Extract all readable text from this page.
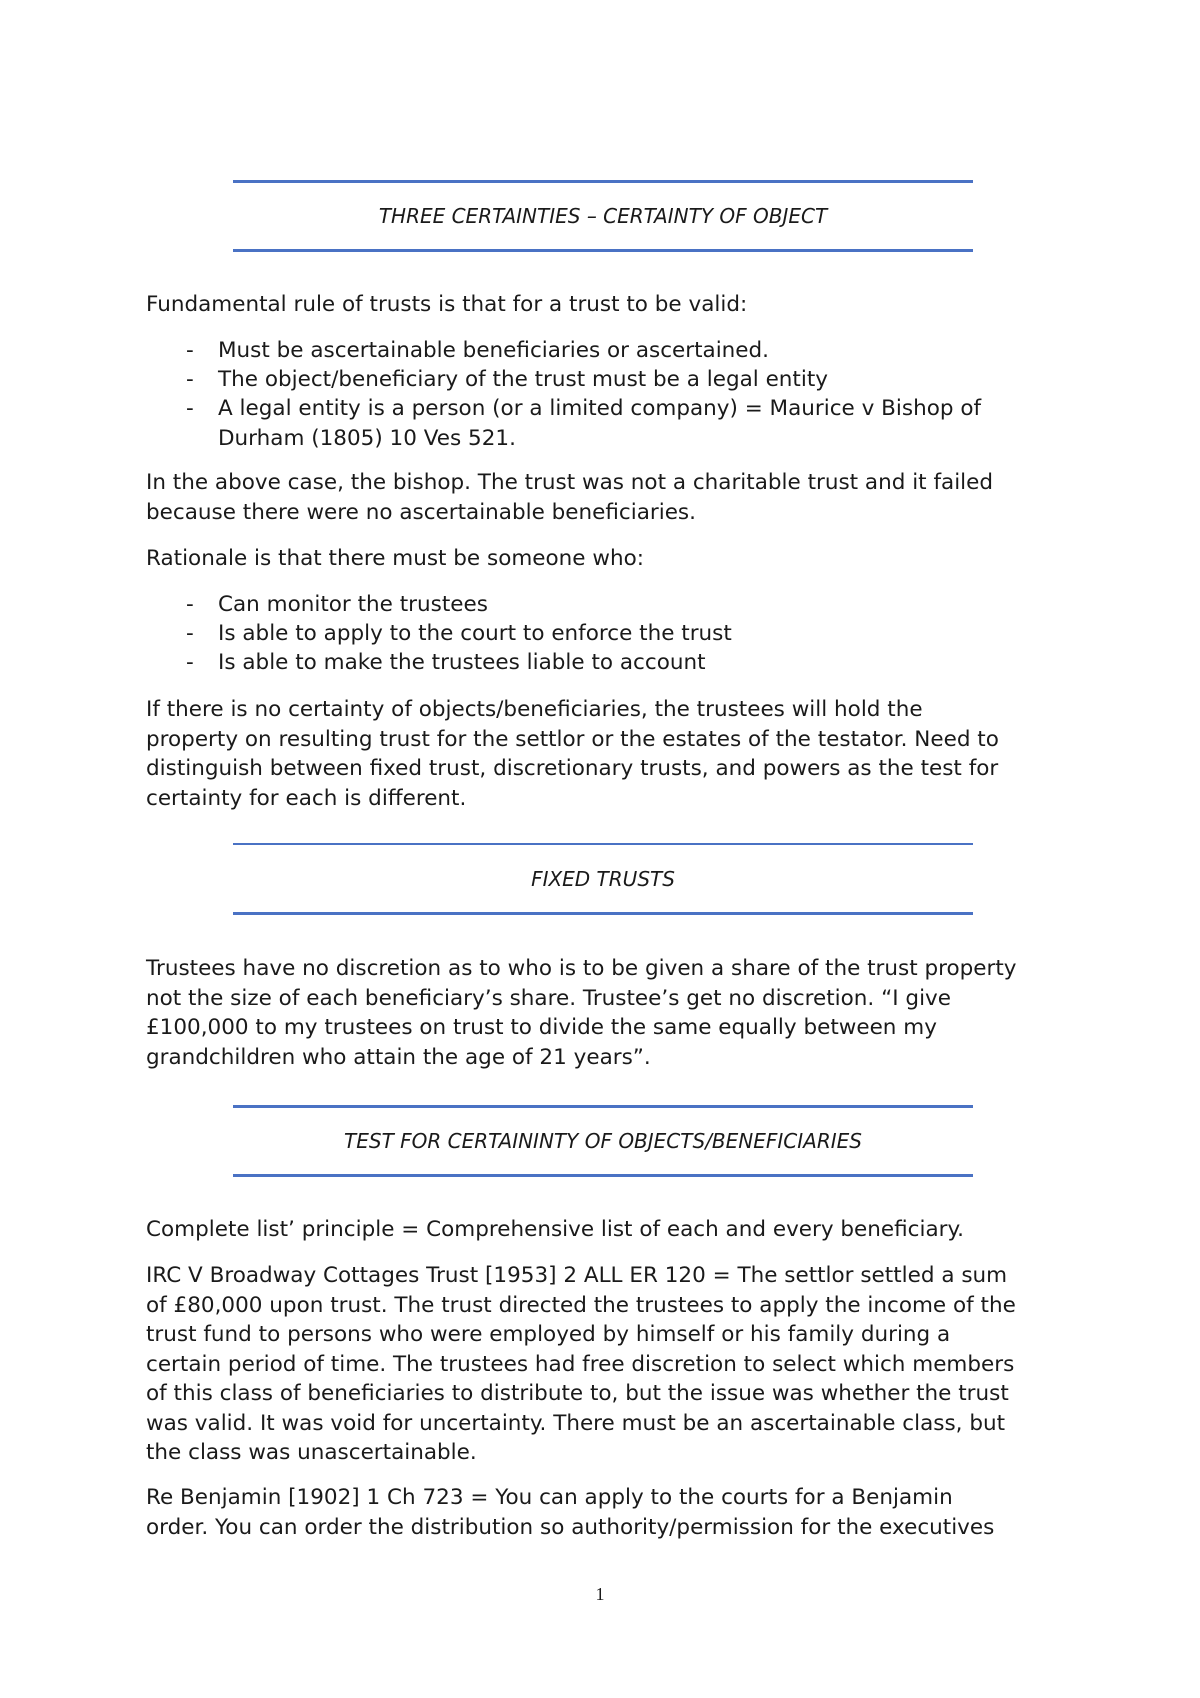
THREE CERTAINTIES – CERTAINTY OF OBJECT

Fundamental rule of trusts is that for a trust to be valid:

- Must be ascertainable beneficiaries or ascertained.
- The object/beneficiary of the trust must be a legal entity
- A legal entity is a person (or a limited company) = Maurice v Bishop of
Durham (1805) 10 Ves 521.

In the above case, the bishop. The trust was not a charitable trust and it failed
because there were no ascertainable beneficiaries.

Rationale is that there must be someone who:

- Can monitor the trustees
- Is able to apply to the court to enforce the trust
- Is able to make the trustees liable to account

If there is no certainty of objects/beneficiaries, the trustees will hold the
property on resulting trust for the settlor or the estates of the testator. Need to
distinguish between fixed trust, discretionary trusts, and powers as the test for
certainty for each is different.

FIXED TRUSTS

Trustees have no discretion as to who is to be given a share of the trust property
not the size of each beneficiary’s share. Trustee’s get no discretion. “I give
£100,000 to my trustees on trust to divide the same equally between my
grandchildren who attain the age of 21 years”.

TEST FOR CERTAININTY OF OBJECTS/BENEFICIARIES

Complete list’ principle = Comprehensive list of each and every beneficiary.

IRC V Broadway Cottages Trust [1953] 2 ALL ER 120 = The settlor settled a sum
of £80,000 upon trust. The trust directed the trustees to apply the income of the
trust fund to persons who were employed by himself or his family during a
certain period of time. The trustees had free discretion to select which members
of this class of beneficiaries to distribute to, but the issue was whether the trust
was valid. It was void for uncertainty. There must be an ascertainable class, but
the class was unascertainable.

Re Benjamin [1902] 1 Ch 723 = You can apply to the courts for a Benjamin
order. You can order the distribution so authority/permission for the executives

1
